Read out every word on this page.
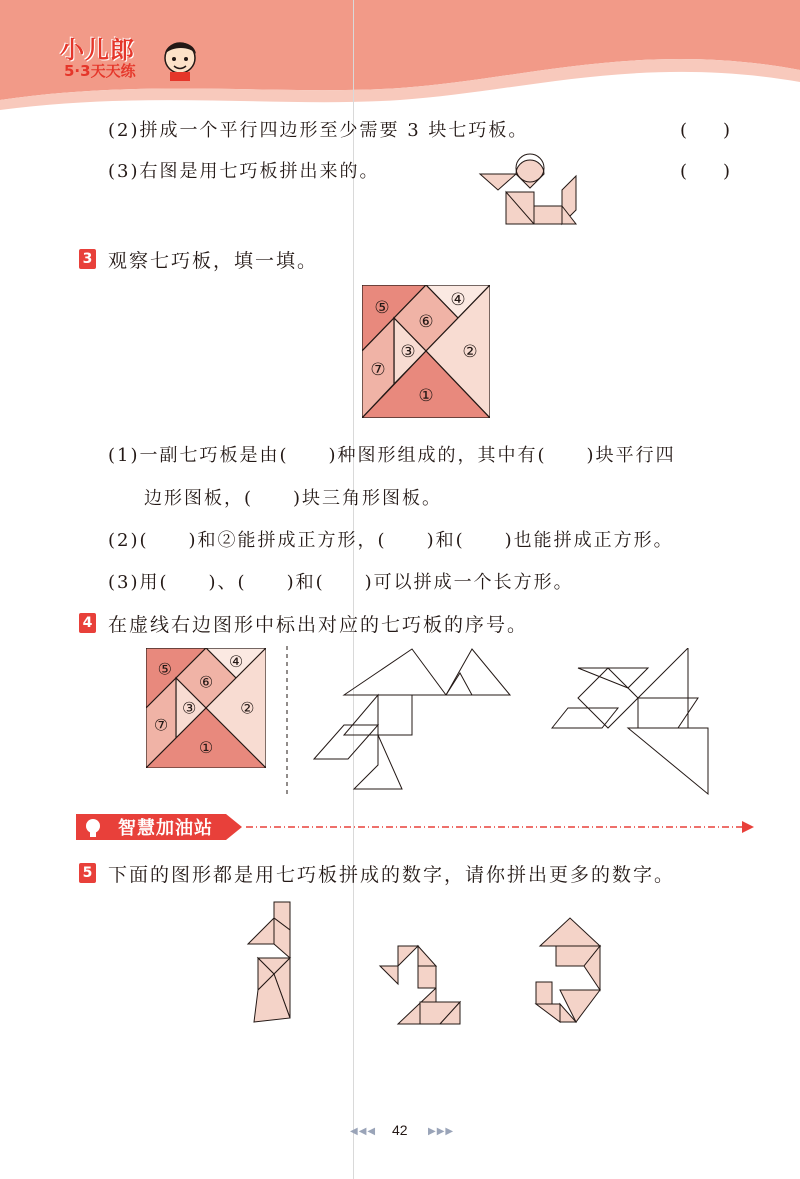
小儿郎
5·3天天练
(2)拼成一个平行四边形至少需要 3 块七巧板。	(　　)
(3)右图是用七巧板拼出来的。	(　　)
3 观察七巧板，填一填。
⑤	④
⑥
③	②
⑦
①
(1)一副七巧板是由(　　)种图形组成的，其中有(　　)块平行四
边形图板，(　　)块三角形图板。
(2)(　　)和②能拼成正方形，(　　)和(　　)也能拼成正方形。
(3)用(　　)、(　　)和(　　)可以拼成一个长方形。
4 在虚线右边图形中标出对应的七巧板的序号。
⑤	④
⑥
③	②
⑦
①
智慧加油站
5 下面的图形都是用七巧板拼成的数字，请你拼出更多的数字。
◀◀◀ 42 ▶▶▶
